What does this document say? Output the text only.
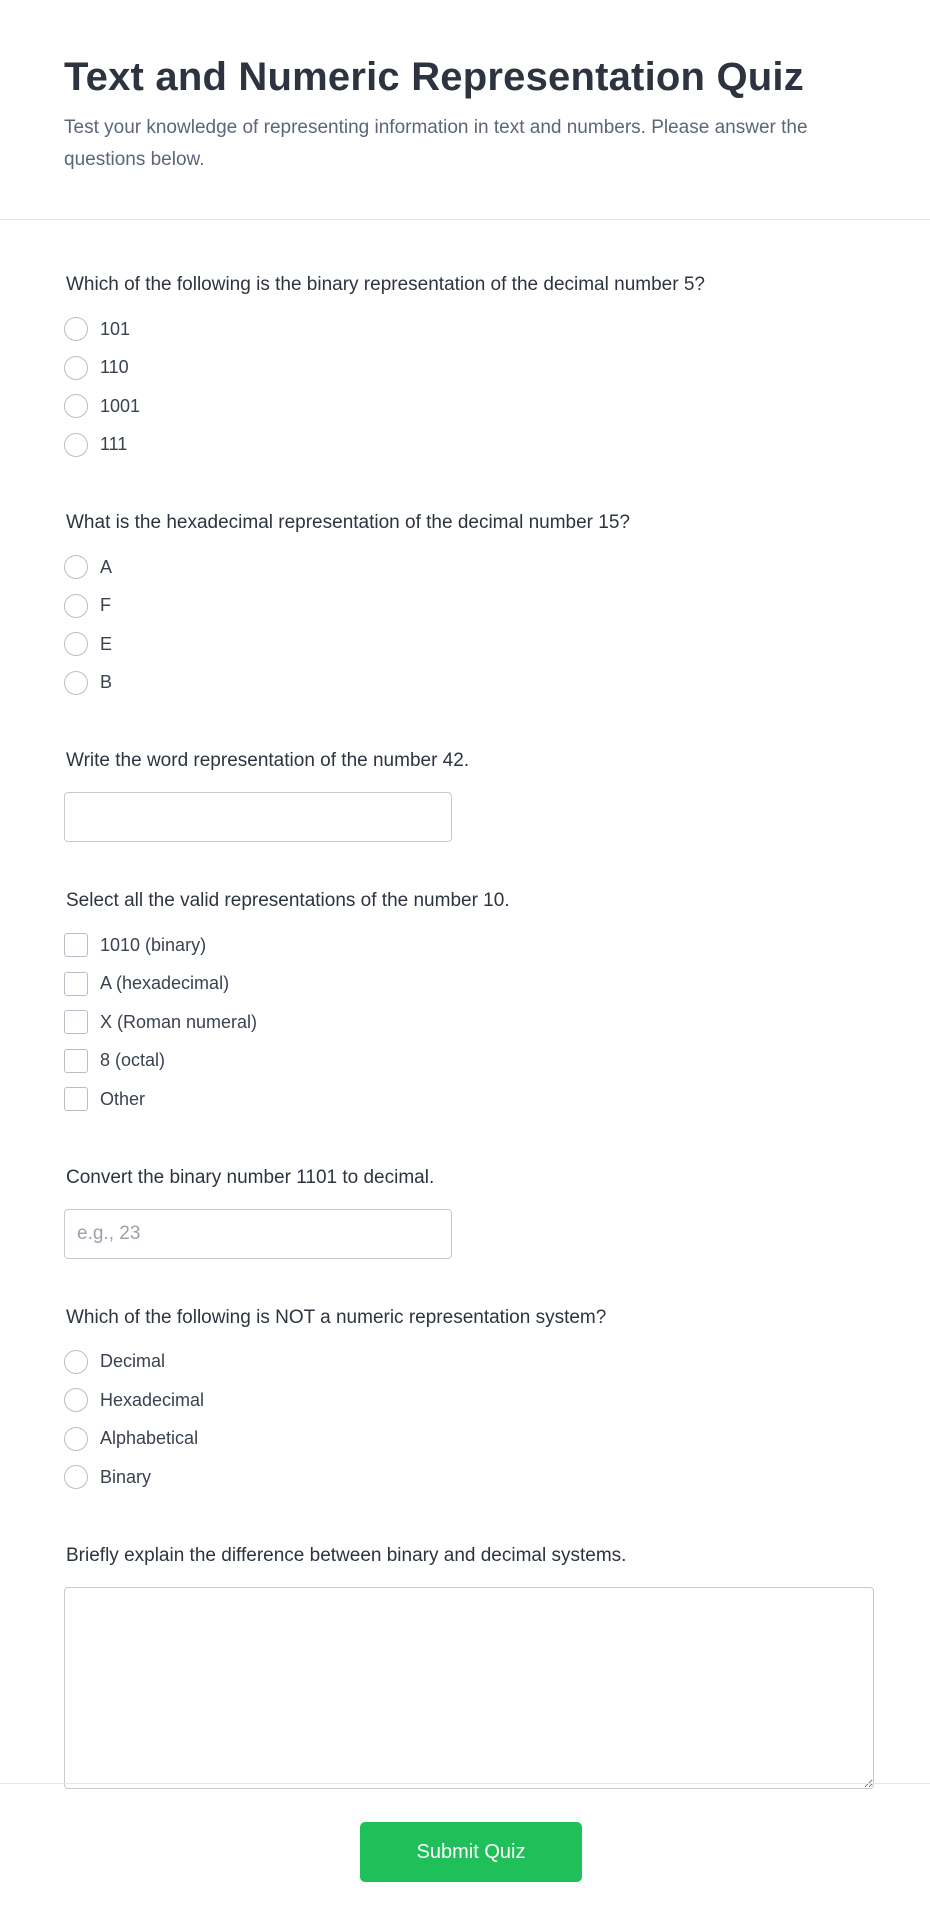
Text and Numeric Representation Quiz

Test your knowledge of representing information in text and numbers. Please answer the questions below.

Which of the following is the binary representation of the decimal number 5?
101
110
1001
111
What is the hexadecimal representation of the decimal number 15?
A
F
E
B
Write the word representation of the number 42.
Select all the valid representations of the number 10.
1010 (binary)
A (hexadecimal)
X (Roman numeral)
8 (octal)
Other
Convert the binary number 1101 to decimal.
e.g., 23
Which of the following is NOT a numeric representation system?
Decimal
Hexadecimal
Alphabetical
Binary
Briefly explain the difference between binary and decimal systems.
Submit Quiz
